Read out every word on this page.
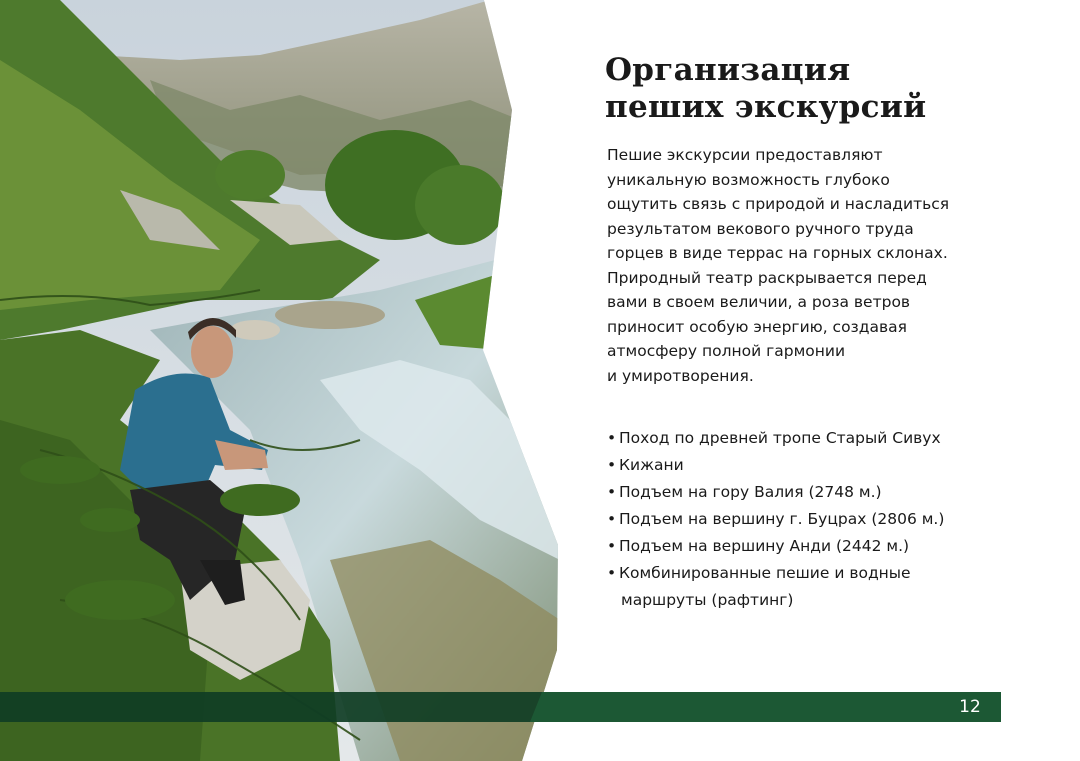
Организация
пеших экскурсий

Пешие экскурсии предоставляют
уникальную возможность глубоко
ощутить связь с природой и насладиться
результатом векового ручного труда
горцев в виде террас на горных склонах.
Природный театр раскрывается перед
вами в своем величии, а роза ветров
приносит особую энергию, создавая
атмосферу полной гармонии
и умиротворения.

• Поход по древней тропе Старый Сивух
• Кижани
• Подъем на гору Валия (2748 м.)
• Подъем на вершину г. Буцрах (2806 м.)
• Подъем на вершину Анди (2442 м.)
• Комбинированные пешие и водные
маршруты (рафтинг)
12
